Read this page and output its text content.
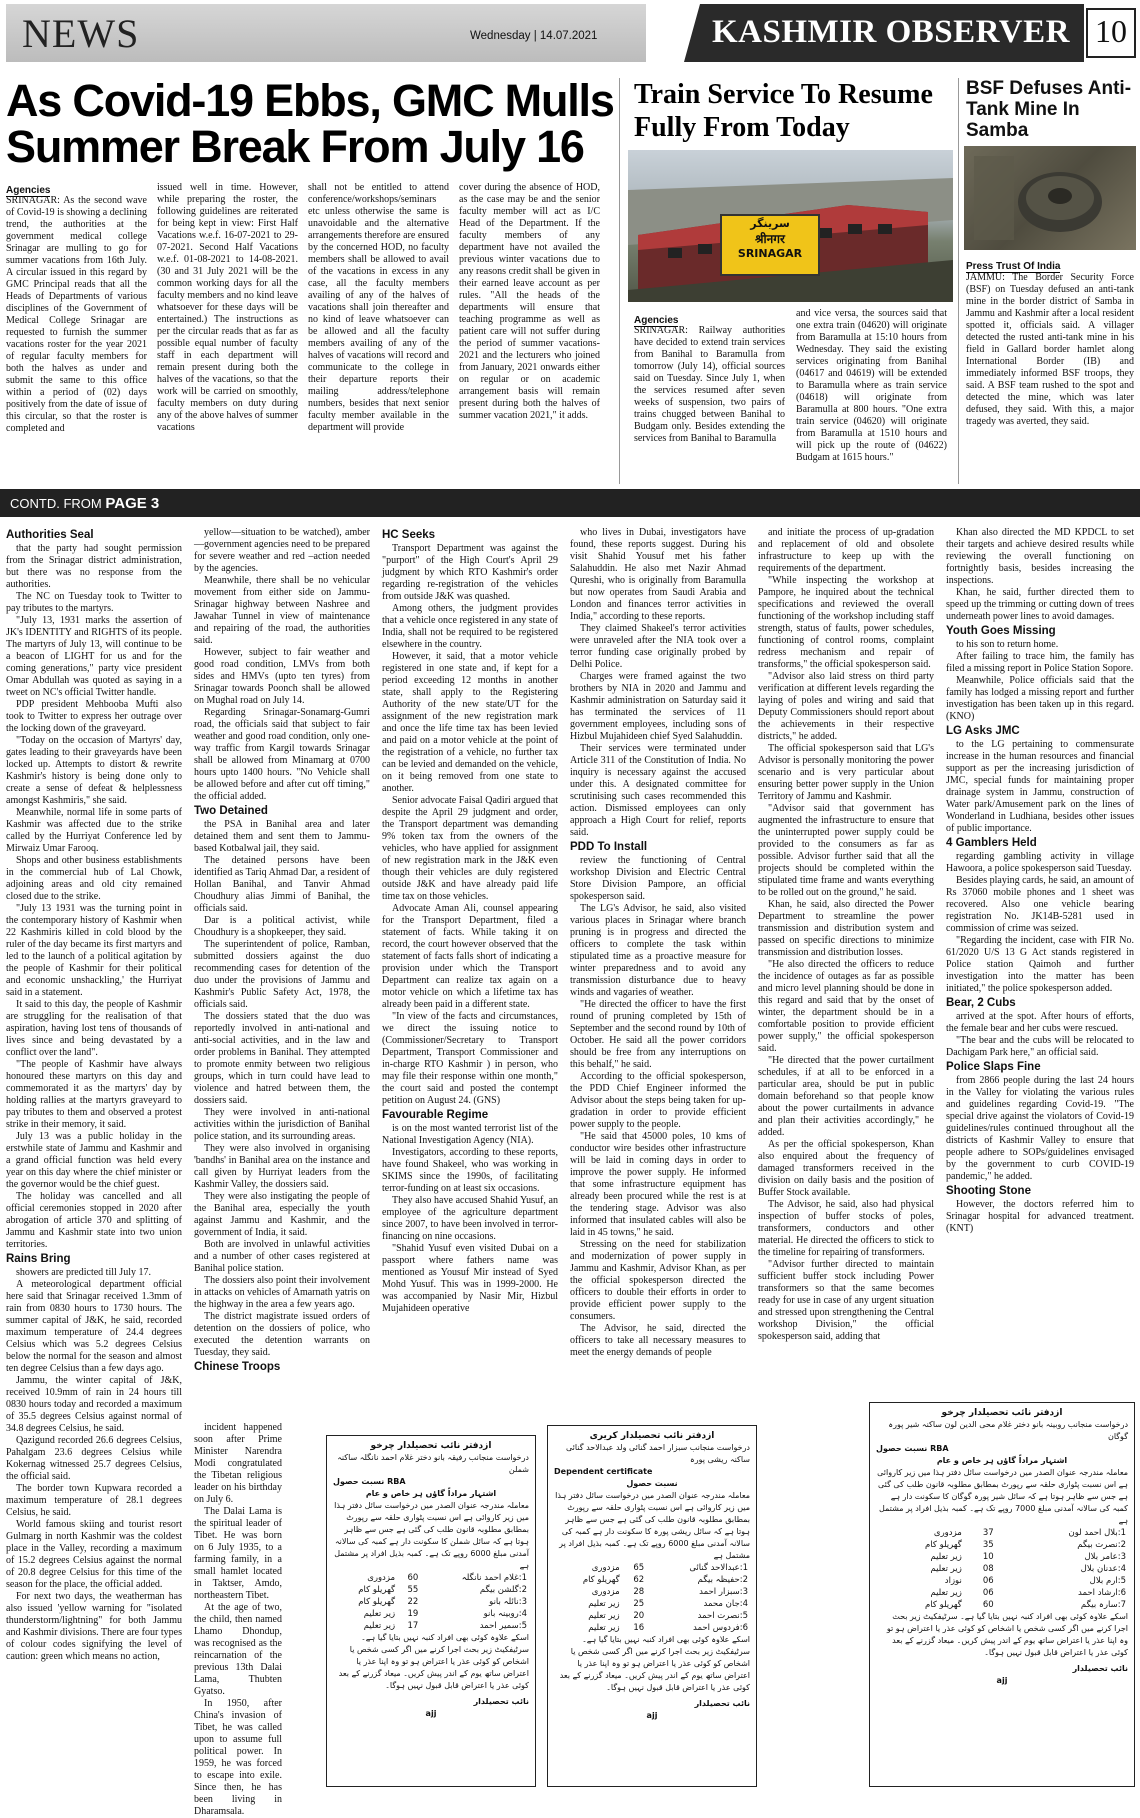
NEWS	Wednesday | 14.07.2021	KASHMIR OBSERVER 10
As Covid-19 Ebbs, GMC Mulls Summer Break From July 16
Agencies

SRINAGAR: As the second wave of Covid-19 is showing a declining trend, the authorities at the government medical college Srinagar are mulling to go for summer vacations from 16th July. A circular issued in this regard by GMC Principal reads that all the Heads of Departments of various disciplines of the Government of Medical College Srinagar are requested to furnish the summer vacations roster for the year 2021 of regular faculty members for both the halves as under and submit the same to this office within a period of (02) days positively from the date of issue of this circular, so that the roster is completed and

issued well in time. However, while preparing the roster, the following guidelines are reiterated for being kept in view: First Half Vacations w.e.f. 16-07-2021 to 29-07-2021. Second Half Vacations w.e.f. 01-08-2021 to 14-08-2021. (30 and 31 July 2021 will be the common working days for all the faculty members and no kind leave whatsoever for these days will be entertained.) The instructions as per the circular reads that as far as possible equal number of faculty staff in each department will remain present during both the halves of the vacations, so that the work will be carried on smoothly, faculty members on duty during any of the above halves of summer vacations

shall not be entitled to attend conference/workshops/seminars etc unless otherwise the same is unavoidable and the alternative arrangements therefore are ensured by the concerned HOD, no faculty members shall be allowed to avail of the vacations in excess in any case, all the faculty members availing of any of the halves of vacations shall join thereafter and no kind of leave whatsoever can be allowed and all the faculty members availing of any of the halves of vacations will record and communicate to the college in their departure reports their mailing address/telephone numbers, besides that next senior faculty member available in the department will provide

cover during the absence of HOD, as the case may be and the senior faculty member will act as I/C Head of the Department. If the faculty members of any department have not availed the previous winter vacations due to any reasons credit shall be given in their earned leave account as per rules. "All the heads of the departments will ensure that teaching programme as well as patient care will not suffer during the period of summer vacations-2021 and the lecturers who joined from January, 2021 onwards either on regular or on academic arrangement basis will remain present during both the halves of summer vacation 2021," it adds.

Train Service To Resume Fully From Today
سرینگر
श्रीनगर
SRINAGAR
Agencies

SRINAGAR: Railway authorities have decided to extend train services from Banihal to Baramulla from tomorrow (July 14), official sources said on Tuesday. Since July 1, when the services resumed after seven weeks of suspension, two pairs of trains chugged between Banihal to Budgam only. Besides extending the services from Banihal to Baramulla

and vice versa, the sources said that one extra train (04620) will originate from Baramulla at 15:10 hours from Wednesday. They said the existing services originating from Banihal (04617 and 04619) will be extended to Baramulla where as train service (04618) will originate from Baramulla at 800 hours. "One extra train service (04620) will originate from Baramulla at 1510 hours and will pick up the route of (04622) Budgam at 1615 hours."

BSF Defuses Anti-Tank Mine In Samba
Press Trust Of India

JAMMU: The Border Security Force (BSF) on Tuesday defused an anti-tank mine in the border district of Samba in Jammu and Kashmir after a local resident spotted it, officials said. A villager detected the rusted anti-tank mine in his field in Gallard border hamlet along International Border (IB) and immediately informed BSF troops, they said. A BSF team rushed to the spot and detected the mine, which was later defused, they said. With this, a major tragedy was averted, they said.

CONTD. FROM PAGE 3
Authorities Seal

that the party had sought permission from the Srinagar district administration, but there was no response from the authorities.

The NC on Tuesday took to Twitter to pay tributes to the martyrs.

"July 13, 1931 marks the assertion of JK's IDENTITY and RIGHTS of its people. The martyrs of July 13, will continue to be a beacon of LIGHT for us and for the coming generations," party vice president Omar Abdullah was quoted as saying in a tweet on NC's official Twitter handle.

PDP president Mehbooba Mufti also took to Twitter to express her outrage over the locking down of the graveyard.

"Today on the occasion of Martyrs' day, gates leading to their graveyards have been locked up. Attempts to distort & rewrite Kashmir's history is being done only to create a sense of defeat & helplessness amongst Kashmiris," she said.

Meanwhile, normal life in some parts of Kashmir was affected due to the strike called by the Hurriyat Conference led by Mirwaiz Umar Farooq.

Shops and other business establishments in the commercial hub of Lal Chowk, adjoining areas and old city remained closed due to the strike.

"July 13 1931 was the turning point in the contemporary history of Kashmir when 22 Kashmiris killed in cold blood by the ruler of the day became its first martyrs and led to the launch of a political agitation by the people of Kashmir for their political and economic unshackling,' the Hurriyat said in a statement.

It said to this day, the people of Kashmir are struggling for the realisation of that aspiration, having lost tens of thousands of lives since and being devastated by a conflict over the land".

"The people of Kashmir have always honoured these martyrs on this day and commemorated it as the martyrs' day by holding rallies at the martyrs graveyard to pay tributes to them and observed a protest strike in their memory, it said.

July 13 was a public holiday in the erstwhile state of Jammu and Kashmir and a grand official function was held every year on this day where the chief minister or the governor would be the chief guest.

The holiday was cancelled and all official ceremonies stopped in 2020 after abrogation of article 370 and splitting of Jammu and Kashmir state into two union territories.

Rains Bring

showers are predicted till July 17.

A meteorological department official here said that Srinagar received 1.3mm of rain from 0830 hours to 1730 hours. The summer capital of J&K, he said, recorded maximum temperature of 24.4 degrees Celsius which was 5.2 degrees Celsius below the normal for the season and almost ten degree Celsius than a few days ago.

Jammu, the winter capital of J&K, received 10.9mm of rain in 24 hours till 0830 hours today and recorded a maximum of 35.5 degrees Celsius against normal of 34.8 degrees Celsius, he said.

Qazigund recorded 26.6 degrees Celsius, Pahalgam 23.6 degrees Celsius while Kokernag witnessed 25.7 degrees Celsius, the official said.

The border town Kupwara recorded a maximum temperature of 28.1 degrees Celsius, he said.

World famous skiing and tourist resort Gulmarg in north Kashmir was the coldest place in the Valley, recording a maximum of 15.2 degrees Celsius against the normal of 20.8 degree Celsius for this time of the season for the place, the official added.

For next two days, the weatherman has also issued 'yellow warning for "isolated thunderstorm/lightning" for both Jammu and Kashmir divisions. There are four types of colour codes signifying the level of caution: green which means no action,

yellow—situation to be watched), amber —government agencies need to be prepared for severe weather and red –action needed by the agencies.

Meanwhile, there shall be no vehicular movement from either side on Jammu-Srinagar highway between Nashree and Jawahar Tunnel in view of maintenance and repairing of the road, the authorities said.

However, subject to fair weather and good road condition, LMVs from both sides and HMVs (upto ten tyres) from Srinagar towards Poonch shall be allowed on Mughal road on July 14.

Regarding Srinagar-Sonamarg-Gumri road, the officials said that subject to fair weather and good road condition, only one-way traffic from Kargil towards Srinagar shall be allowed from Minamarg at 0700 hours upto 1400 hours. "No Vehicle shall be allowed before and after cut off timing," the official added.

Two Detained

the PSA in Banihal area and later detained them and sent them to Jammu-based Kotbalwal jail, they said.

The detained persons have been identified as Tariq Ahmad Dar, a resident of Hollan Banihal, and Tanvir Ahmad Choudhury alias Jimmi of Banihal, the officials said.

Dar is a political activist, while Choudhury is a shopkeeper, they said.

The superintendent of police, Ramban, submitted dossiers against the duo recommending cases for detention of the duo under the provisions of Jammu and Kashmir's Public Safety Act, 1978, the officials said.

The dossiers stated that the duo was reportedly involved in anti-national and anti-social activities, and in the law and order problems in Banihal. They attempted to promote enmity between two religious groups, which in turn could have lead to violence and hatred between them, the dossiers said.

They were involved in anti-national activities within the jurisdiction of Banihal police station, and its surrounding areas.

They were also involved in organising 'bandhs' in Banihal area on the instance and call given by Hurriyat leaders from the Kashmir Valley, the dossiers said.

They were also instigating the people of the Banihal area, especially the youth against Jammu and Kashmir, and the government of India, it said.

Both are involved in unlawful activities and a number of other cases registered at Banihal police station.

The dossiers also point their involvement in attacks on vehicles of Amarnath yatris on the highway in the area a few years ago.

The district magistrate issued orders of detention on the dossiers of police, who executed the detention warrants on Tuesday, they said.

Chinese Troops

incident happened soon after Prime Minister Narendra Modi congratulated the Tibetan religious leader on his birthday on July 6.

The Dalai Lama is the spiritual leader of Tibet. He was born on 6 July 1935, to a farming family, in a small hamlet located in Taktser, Amdo, northeastern Tibet.

At the age of two, the child, then named Lhamo Dhondup, was recognised as the reincarnation of the previous 13th Dalai Lama, Thubten Gyatso.

In 1950, after China's invasion of Tibet, he was called upon to assume full political power. In 1959, he was forced to escape into exile. Since then, he has been living in Dharamsala.

HC Seeks

Transport Department was against the "purport" of the High Court's April 29 judgment by which RTO Kashmir's order regarding re-registration of the vehicles from outside J&K was quashed.

Among others, the judgment provides that a vehicle once registered in any state of India, shall not be required to be registered elsewhere in the country.

However, it said, that a motor vehicle registered in one state and, if kept for a period exceeding 12 months in another state, shall apply to the Registering Authority of the new state/UT for the assignment of the new registration mark and once the life time tax has been levied and paid on a motor vehicle at the point of the registration of a vehicle, no further tax can be levied and demanded on the vehicle, on it being removed from one state to another.

Senior advocate Faisal Qadiri argued that despite the April 29 judgment and order, the Transport department was demanding 9% token tax from the owners of the vehicles, who have applied for assignment of new registration mark in the J&K even though their vehicles are duly registered outside J&K and have already paid life time tax on those vehicles.

Advocate Aman Ali, counsel appearing for the Transport Department, filed a statement of facts. While taking it on record, the court however observed that the statement of facts falls short of indicating a provision under which the Transport Department can realize tax again on a motor vehicle on which a lifetime tax has already been paid in a different state.

"In view of the facts and circumstances, we direct the issuing notice to (Commissioner/Secretary to Transport Department, Transport Commissioner and in-charge RTO Kashmir ) in person, who may file their response within one month," the court said and posted the contempt petition on August 24. (GNS)

Favourable Regime

is on the most wanted terrorist list of the National Investigation Agency (NIA).

Investigators, according to these reports, have found Shakeel, who was working in SKIMS since the 1990s, of facilitating terror-funding on at least six occasions.

They also have accused Shahid Yusuf, an employee of the agriculture department since 2007, to have been involved in terror-financing on nine occasions.

"Shahid Yusuf even visited Dubai on a passport where fathers name was mentioned as Yousuf Mir instead of Syed Mohd Yusuf. This was in 1999-2000. He was accompanied by Nasir Mir, Hizbul Mujahideen operative

who lives in Dubai, investigators have found, these reports suggest. During his visit Shahid Yousuf met his father Salahuddin. He also met Nazir Ahmad Qureshi, who is originally from Baramulla but now operates from Saudi Arabia and London and finances terror activities in India," according to these reports.

They claimed Shakeel's terror activities were unraveled after the NIA took over a terror funding case originally probed by Delhi Police.

Charges were framed against the two brothers by NIA in 2020 and Jammu and Kashmir administration on Saturday said it has terminated the services of 11 government employees, including sons of Hizbul Mujahideen chief Syed Salahuddin.

Their services were terminated under Article 311 of the Constitution of India. No inquiry is necessary against the accused under this. A designated committee for scrutinising such cases recommended this action. Dismissed employees can only approach a High Court for relief, reports said.

PDD To Install

review the functioning of Central workshop Division and Electric Central Store Division Pampore, an official spokesperson said.

The LG's Advisor, he said, also visited various places in Srinagar where branch pruning is in progress and directed the officers to complete the task within stipulated time as a proactive measure for winter preparedness and to avoid any transmission disturbance due to heavy winds and vagaries of weather.

"He directed the officer to have the first round of pruning completed by 15th of September and the second round by 10th of October. He said all the power corridors should be free from any interruptions on this behalf," he said.

According to the official spokesperson, the PDD Chief Engineer informed the Advisor about the steps being taken for up-gradation in order to provide efficient power supply to the people.

"He said that 45000 poles, 10 kms of conductor wire besides other infrastructure will be laid in coming days in order to improve the power supply. He informed that some infrastructure equipment has already been procured while the rest is at the tendering stage. Advisor was also informed that insulated cables will also be laid in 45 towns," he said.

Stressing on the need for stabilization and modernization of power supply in Jammu and Kashmir, Advisor Khan, as per the official spokesperson directed the officers to double their efforts in order to provide efficient power supply to the consumers.

The Advisor, he said, directed the officers to take all necessary measures to meet the energy demands of people

and initiate the process of up-gradation and replacement of old and obsolete infrastructure to keep up with the requirements of the department.

"While inspecting the workshop at Pampore, he inquired about the technical specifications and reviewed the overall functioning of the workshop including staff strength, status of faults, power schedules, functioning of control rooms, complaint redress mechanism and repair of transforms," the official spokesperson said.

"Advisor also laid stress on third party verification at different levels regarding the laying of poles and wiring and said that Deputy Commissioners should report about the achievements in their respective districts," he added.

The official spokesperson said that LG's Advisor is personally monitoring the power scenario and is very particular about ensuring better power supply in the Union Territory of Jammu and Kashmir.

"Advisor said that government has augmented the infrastructure to ensure that the uninterrupted power supply could be provided to the consumers as far as possible. Advisor further said that all the projects should be completed within the stipulated time frame and wants everything to be rolled out on the ground," he said.

Khan, he said, also directed the Power Department to streamline the power transmission and distribution system and passed on specific directions to minimize transmission and distribution losses.

"He also directed the officers to reduce the incidence of outages as far as possible and micro level planning should be done in this regard and said that by the onset of winter, the department should be in a comfortable position to provide efficient power supply," the official spokesperson said.

"He directed that the power curtailment schedules, if at all to be enforced in a particular area, should be put in public domain beforehand so that people know about the power curtailments in advance and plan their activities accordingly," he added.

As per the official spokesperson, Khan also enquired about the frequency of damaged transformers received in the division on daily basis and the position of Buffer Stock available.

The Advisor, he said, also had physical inspection of buffer stocks of poles, transformers, conductors and other material. He directed the officers to stick to the timeline for repairing of transformers.

"Advisor further directed to maintain sufficient buffer stock including Power transformers so that the same becomes ready for use in case of any urgent situation and stressed upon strengthening the Central workshop Division," the official spokesperson said, adding that

Khan also directed the MD KPDCL to set their targets and achieve desired results while reviewing the overall functioning on fortnightly basis, besides increasing the inspections.

Khan, he said, further directed them to speed up the trimming or cutting down of trees underneath power lines to avoid damages.

Youth Goes Missing

to his son to return home.

After failing to trace him, the family has filed a missing report in Police Station Sopore.

Meanwhile, Police officials said that the family has lodged a missing report and further investigation has been taken up in this regard. (KNO)

LG Asks JMC

to the LG pertaining to commensurate increase in the human resources and financial support as per the increasing jurisdiction of JMC, special funds for maintaining proper drainage system in Jammu, construction of Water park/Amusement park on the lines of Wonderland in Ludhiana, besides other issues of public importance.

4 Gamblers Held

regarding gambling activity in village Hawoora, a police spokesperson said Tuesday.

Besides playing cards, he said, an amount of Rs 37060 mobile phones and 1 sheet was recovered. Also one vehicle bearing registration No. JK14B-5281 used in commission of crime was seized.

"Regarding the incident, case with FIR No. 61/2020 U/S 13 G Act stands registered in Police station Qaimoh and further investigation into the matter has been initiated," the police spokesperson added.

Bear, 2 Cubs

arrived at the spot. After hours of efforts, the female bear and her cubs were rescued.

"The bear and the cubs will be relocated to Dachigam Park here," an official said.

Police Slaps Fine

from 2866 people during the last 24 hours in the Valley for violating the various rules and guidelines regarding Covid-19. "The special drive against the violators of Covid-19 guidelines/rules continued throughout all the districts of Kashmir Valley to ensure that people adhere to SOPs/guidelines envisaged by the government to curb COVID-19 pandemic," he added.

Shooting Stone

However, the doctors referred him to Srinagar hospital for advanced treatment. (KNT)

ازدفتر نائب تحصیلدار چرخو
درخواست منجانب رفیقہ بانو دختر غلام احمد نانگلہ ساکنہ شملن
نسبت حصول RBA
اشتہار مراداً گاؤں ہر خاص و عام
معاملہ مندرجہ عنوان الصدر میں درخواست سائل دفتر ہذا میں زیر کاروائی ہے اس نسبت پٹواری حلقہ سے رپورٹ بمطابق مطلوبہ قانون طلب کی گئی ہے جس سے ظاہر ہوتا ہے کہ سائل شملن کا سکونت دار ہے کمبہ کی سالانہ آمدنی مبلغ 6000 روپے تک ہے۔ کمبہ بذیل افراد پر مشتمل ہے
1:غلام احمد نانگلہ	60	مزدوری
2:گلشن بیگم	55	گھریلو کام
3:نائلہ بانو	22	گھریلو کام
4:روبینہ بانو	19	زیر تعلیم
5:سمیر احمد	17	زیر تعلیم
اسکے علاوہ کوئی بھی افراد کنبہ نہیں بتایا گیا ہے۔ سرٹیفکیٹ زیر بحث اجرا کرنے میں اگر کسی شخص یا اشخاص کو کوئی عذر یا اعتراض ہو تو وہ اپنا عذر یا اعتراض ساتھ یوم کے اندر پیش کریں۔ میعاد گزرنے کے بعد کوئی عذر یا اعتراض قابل قبول نہیں ہوگا۔
نائب تحصیلدار
ajj
ازدفتر نائب تحصیلدار کریری
درخواست منجانب سبزار احمد گنائی ولد عبدالاحد گنائی ساکنہ ریشی پورہ
Dependent certificate
نسبت حصول
معاملہ مندرجہ عنوان الصدر میں درخواست سائل دفتر ہذا میں زیر کاروائی ہے اس نسبت پٹواری حلقہ سے رپورٹ بمطابق مطلوبہ قانون طلب کی گئی ہے جس سے ظاہر ہوتا ہے کہ سائل ریشی پورہ کا سکونت دار ہے کمبہ کی سالانہ آمدنی مبلغ 6000 روپے تک ہے۔ کمبہ بذیل افراد پر مشتمل ہے
1:عبدالاحد گنائی	65	مزدوری
2:حفیظہ بیگم	62	گھریلو کام
3:سبزار احمد	28	مزدوری
4:جان محمد	25	زیر تعلیم
5:نصرت احمد	20	زیر تعلیم
6:فردوس احمد	16	زیر تعلیم
اسکے علاوہ کوئی بھی افراد کنبہ نہیں بتایا گیا ہے۔ سرٹیفکیٹ زیر بحث اجرا کرنے میں اگر کسی شخص یا اشخاص کو کوئی عذر یا اعتراض ہو تو وہ اپنا عذر یا اعتراض ساتھ یوم کے اندر پیش کریں۔ میعاد گزرنے کے بعد کوئی عذر یا اعتراض قابل قبول نہیں ہوگا۔
نائب تحصیلدار
ajj
ازدفتر نائب تحصیلدار چرخو
درخواست منجانب روبینہ بانو دختر غلام محی الدین لون ساکنہ شیر پورہ گوگان
نسبت حصول RBA
اشتہار مراداً گاؤں ہر خاص و عام
معاملہ مندرجہ عنوان الصدر میں درخواست سائل دفتر ہذا میں زیر کاروائی ہے اس نسبت پٹواری حلقہ سے رپورٹ بمطابق مطلوبہ قانون طلب کی گئی ہے جس سے ظاہر ہوتا ہے کہ سائل شیر پورہ گوگان کا سکونت دار ہے کمبہ کی سالانہ آمدنی مبلغ 7000 روپے تک ہے۔ کمبہ بذیل افراد پر مشتمل ہے
1:بلال احمد لون	37	مزدوری
2:نصرت بیگم	35	گھریلو کام
3:عامر بلال	10	زیر تعلیم
4:عدنان بلال	08	زیر تعلیم
5:ارم بلال	06	نوزاد
6:ارشاد احمد	06	زیر تعلیم
7:سارہ بیگم	60	گھریلو کام
اسکے علاوہ کوئی بھی افراد کنبہ نہیں بتایا گیا ہے۔ سرٹیفکیٹ زیر بحث اجرا کرنے میں اگر کسی شخص یا اشخاص کو کوئی عذر یا اعتراض ہو تو وہ اپنا عذر یا اعتراض ساتھ یوم کے اندر پیش کریں۔ میعاد گزرنے کے بعد کوئی عذر یا اعتراض قابل قبول نہیں ہوگا۔
نائب تحصیلدار
ajj
